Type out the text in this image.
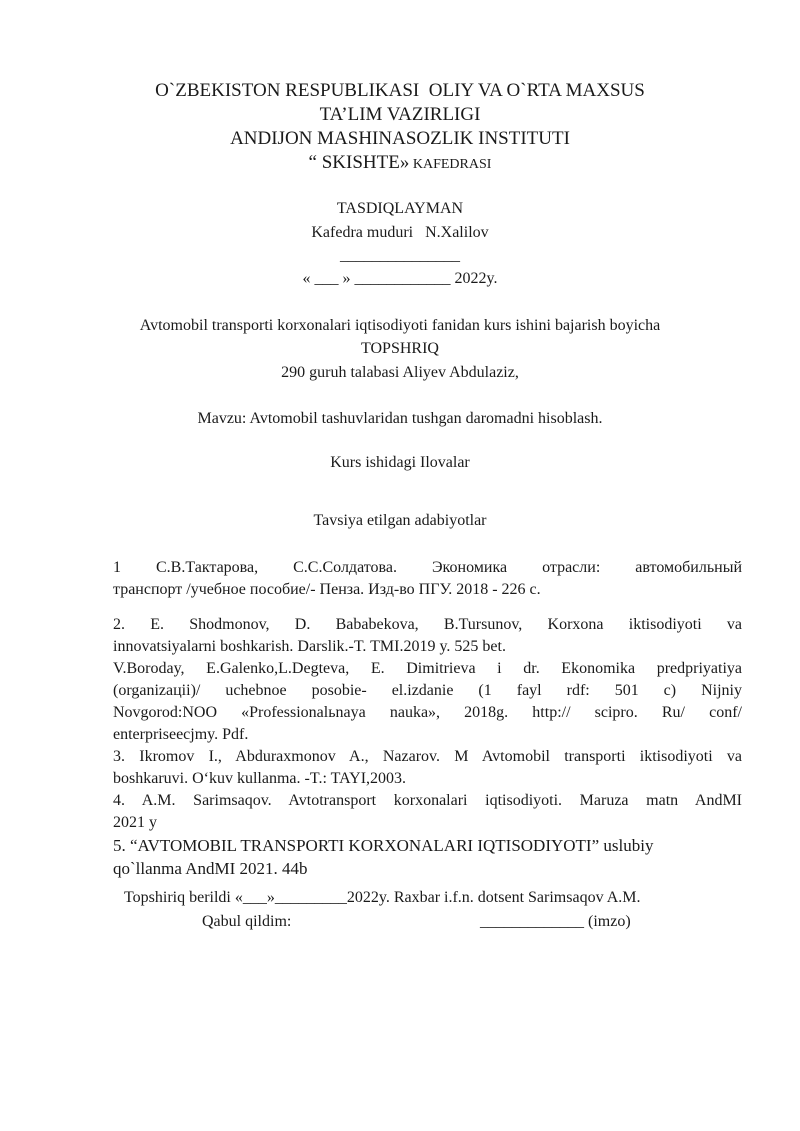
O`ZBEKISTON RESPUBLIKASI  OLIY VA O`RTA MAXSUS
TA’LIM VAZIRLIGI
ANDIJON MASHINASOZLIK INSTITUTI
“ SKISHTE» KAFEDRASI
TASDIQLAYMAN
Kafedra muduri   N.Xalilov
_______________
« ___ » ____________ 2022y.
Avtomobil transporti korxonalari iqtisodiyoti fanidan kurs ishini bajarish boyicha
TOPSHRIQ
290 guruh talabasi Aliyev Abdulaziz,
Mavzu: Avtomobil tashuvlaridan tushgan daromadni hisoblash.
Kurs ishidagi Ilovalar
Tavsiya etilgan adabiyotlar
1 С.В.Тактарова, С.С.Солдатова. Экономика отрасли: автомобильный
транспорт /учебное пособие/- Пенза. Изд-во ПГУ. 2018 - 226 с.
2. E. Shodmonov, D. Bababekova, B.Tursunov, Korxona iktisodiyoti va
innovatsiyalarni boshkarish. Darslik.-T. TMI.2019 y. 525 bet.
V.Boroday, E.Galenko,L.Degteva, E. Dimitrieva i dr. Ekonomika predpriyatiya
(organizaцii)/ uchebnoe posobie- el.izdanie (1 fayl rdf: 501 c) Nijniy
Novgorod:NOO «Professionalьnaya nauka», 2018g. http:// scipro. Ru/ conf/
enterpriseecjmy. Pdf.
3. Ikromov I., Abduraxmonov A., Nazarov. M Avtomobil transporti iktisodiyoti va
boshkaruvi. O‘kuv kullanma. -T.: TAYI,2003.
4. A.M. Sarimsaqov. Avtotransport korxonalari iqtisodiyoti. Maruza matn AndMI
2021 y
5. “AVTOMOBIL TRANSPORTI KORXONALARI IQTISODIYOTI” uslubiy
qo`llanma AndMI 2021. 44b
Topshiriq berildi «___»_________2022y. Raxbar i.f.n. dotsent Sarimsaqov A.M.
Qabul qildim:	_____________ (imzo)
